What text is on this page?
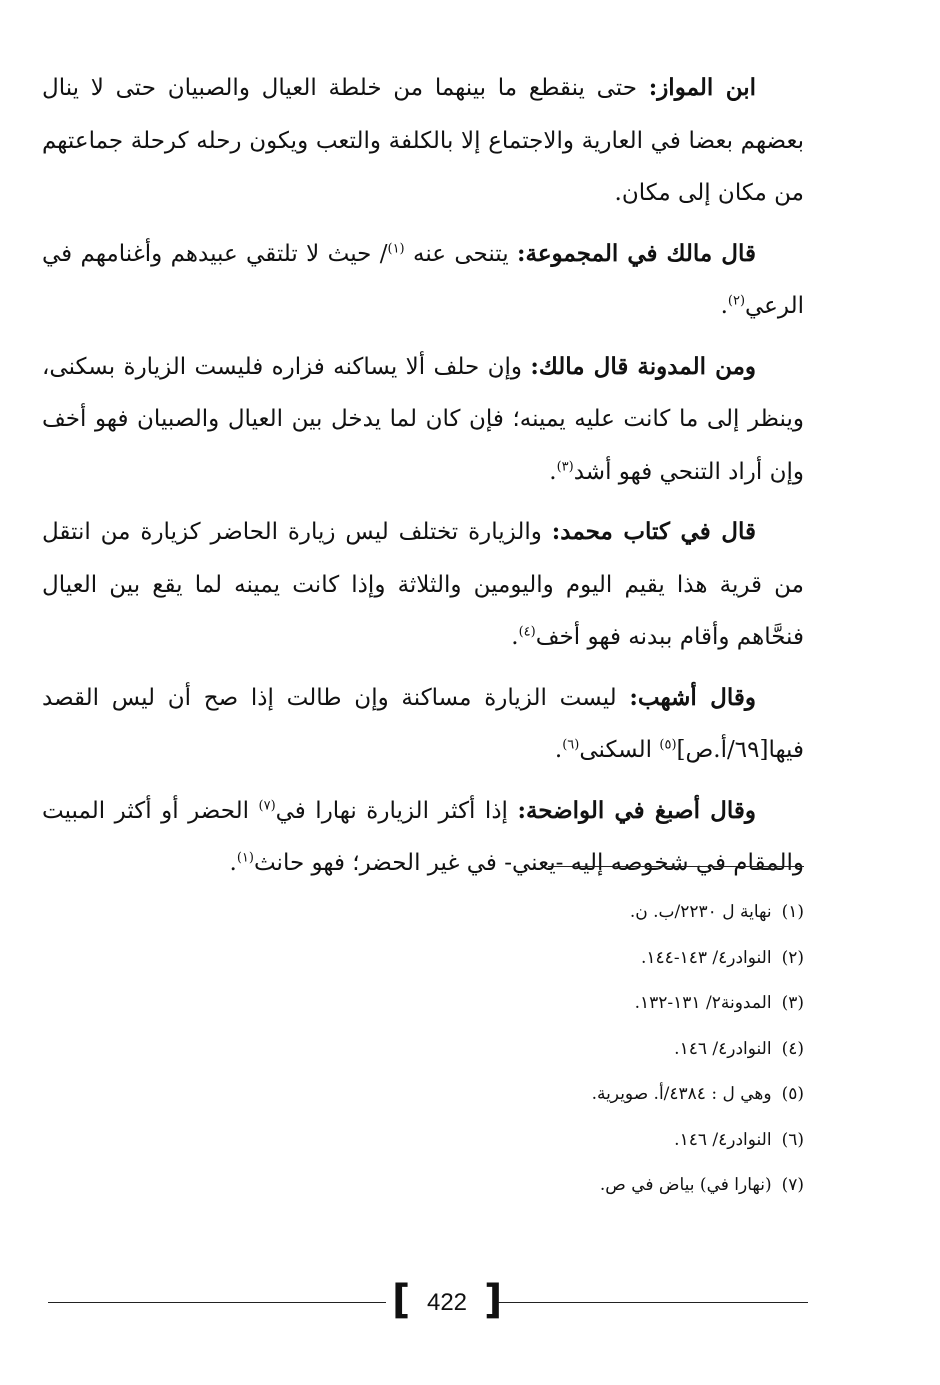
ابن المواز: حتى ينقطع ما بينهما من خلطة العيال والصبيان حتى لا ينال بعضهم بعضا في العارية والاجتماع إلا بالكلفة والتعب ويكون رحله كرحلة جماعتهم من مكان إلى مكان.

قال مالك في المجموعة: يتنحى عنه $^{(١)}$/ حيث لا تلتقي عبيدهم وأغنامهم في الرعي$^{(٢)}$.

ومن المدونة قال مالك: وإن حلف ألا يساكنه فزاره فليست الزيارة بسكنى، وينظر إلى ما كانت عليه يمينه؛ فإن كان لما يدخل بين العيال والصبيان فهو أخف وإن أراد التنحي فهو أشد$^{(٣)}$.

قال في كتاب محمد: والزيارة تختلف ليس زيارة الحاضر كزيارة من انتقل من قرية هذا يقيم اليوم واليومين والثلاثة وإذا كانت يمينه لما يقع بين العيال فنحَّاهم وأقام ببدنه فهو أخف$^{(٤)}$.

وقال أشهب: ليست الزيارة مساكنة وإن طالت إذا صح أن ليس القصد فيها[٦٩/أ.ص]$^{(٥)}$ السكنى$^{(٦)}$.

وقال أصبغ في الواضحة: إذا أكثر الزيارة نهارا في$^{(٧)}$ الحضر أو أكثر المبيت والمقام في شخوصه إليه -يعني- في غير الحضر؛ فهو حانث$^{(١)}$.

(١)نهاية ل ٢٢٣٠/ب. ن.
(٢)النوادر٤/ ١٤٣-١٤٤.
(٣)المدونة٢/ ١٣١-١٣٢.
(٤)النوادر٤/ ١٤٦.
(٥)وهي ل : ٤٣٨٤/أ. صويرية.
(٦)النوادر٤/ ١٤٦.
(٧)(نهارا في) بياض في ص.
[ 422 ]
